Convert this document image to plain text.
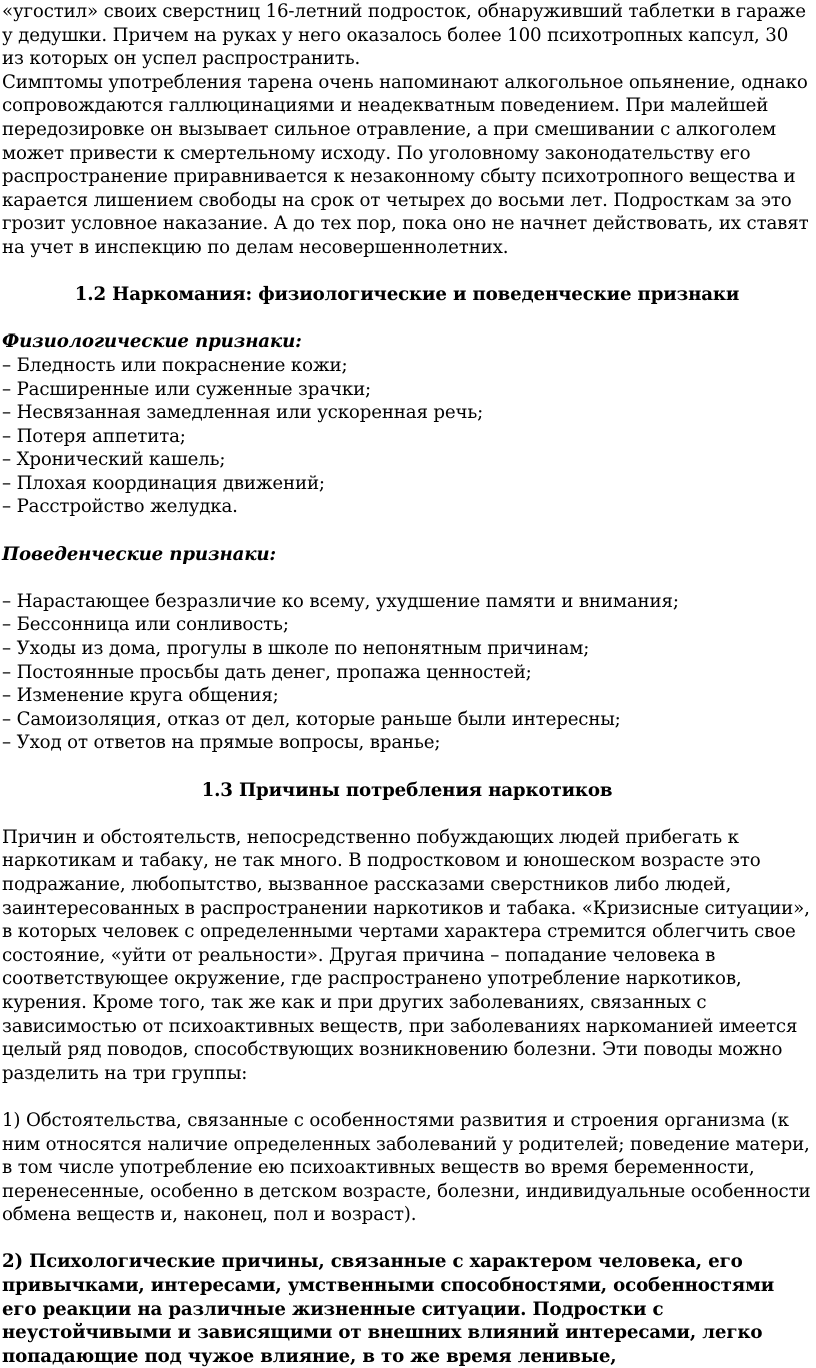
«угостил» своих сверстниц 16-летний подросток, обнаруживший таблетки в гараже у дедушки. Причем на руках у него оказалось более 100 психотропных капсул, 30 из которых он успел распространить.

Симптомы употребления тарена очень напоминают алкогольное опьянение, однако сопровождаются галлюцинациями и неадекватным поведением. При малейшей передозировке он вызывает сильное отравление, а при смешивании с алкоголем может привести к смертельному исходу. По уголовному законодательству его распространение приравнивается к незаконному сбыту психотропного вещества и карается лишением свободы на срок от четырех до восьми лет. Подросткам за это грозит условное наказание. А до тех пор, пока оно не начнет действовать, их ставят на учет в инспекцию по делам несовершеннолетних.

1.2 Наркомания: физиологические и поведенческие признаки

Физиологические признаки:

– Бледность или покраснение кожи;
– Расширенные или суженные зрачки;
– Несвязанная замедленная или ускоренная речь;
– Потеря аппетита;
– Хронический кашель;
– Плохая координация движений;
– Расстройство желудка.

Поведенческие признаки:

– Нарастающее безразличие ко всему, ухудшение памяти и внимания;
– Бессонница или сонливость;
– Уходы из дома, прогулы в школе по непонятным причинам;
– Постоянные просьбы дать денег, пропажа ценностей;
– Изменение круга общения;
– Самоизоляция, отказ от дел, которые раньше были интересны;
– Уход от ответов на прямые вопросы, вранье;

1.3 Причины потребления наркотиков

Причин и обстоятельств, непосредственно побуждающих людей прибегать к наркотикам и табаку, не так много. В подростковом и юношеском возрасте это подражание, любопытство, вызванное рассказами сверстников либо людей, заинтересованных в распространении наркотиков и табака. «Кризисные ситуации», в которых человек с определенными чертами характера стремится облегчить свое состояние, «уйти от реальности». Другая причина – попадание человека в соответствующее окружение, где распространено употребление наркотиков, курения. Кроме того, так же как и при других заболеваниях, связанных с зависимостью от психоактивных веществ, при заболеваниях наркоманией имеется целый ряд поводов, способствующих возникновению болезни. Эти поводы можно разделить на три группы:

1) Обстоятельства, связанные с особенностями развития и строения организма (к ним относятся наличие определенных заболеваний у родителей; поведение матери, в том числе употребление ею психоактивных веществ во время беременности, перенесенные, особенно в детском возрасте, болезни, индивидуальные особенности обмена веществ и, наконец, пол и возраст).

2) Психологические причины, связанные с характером человека, его привычками, интересами, умственными способностями, особенностями его реакции на различные жизненные ситуации. Подростки с неустойчивыми и зависящими от внешних влияний интересами, легко попадающие под чужое влияние, в то же время ленивые,
